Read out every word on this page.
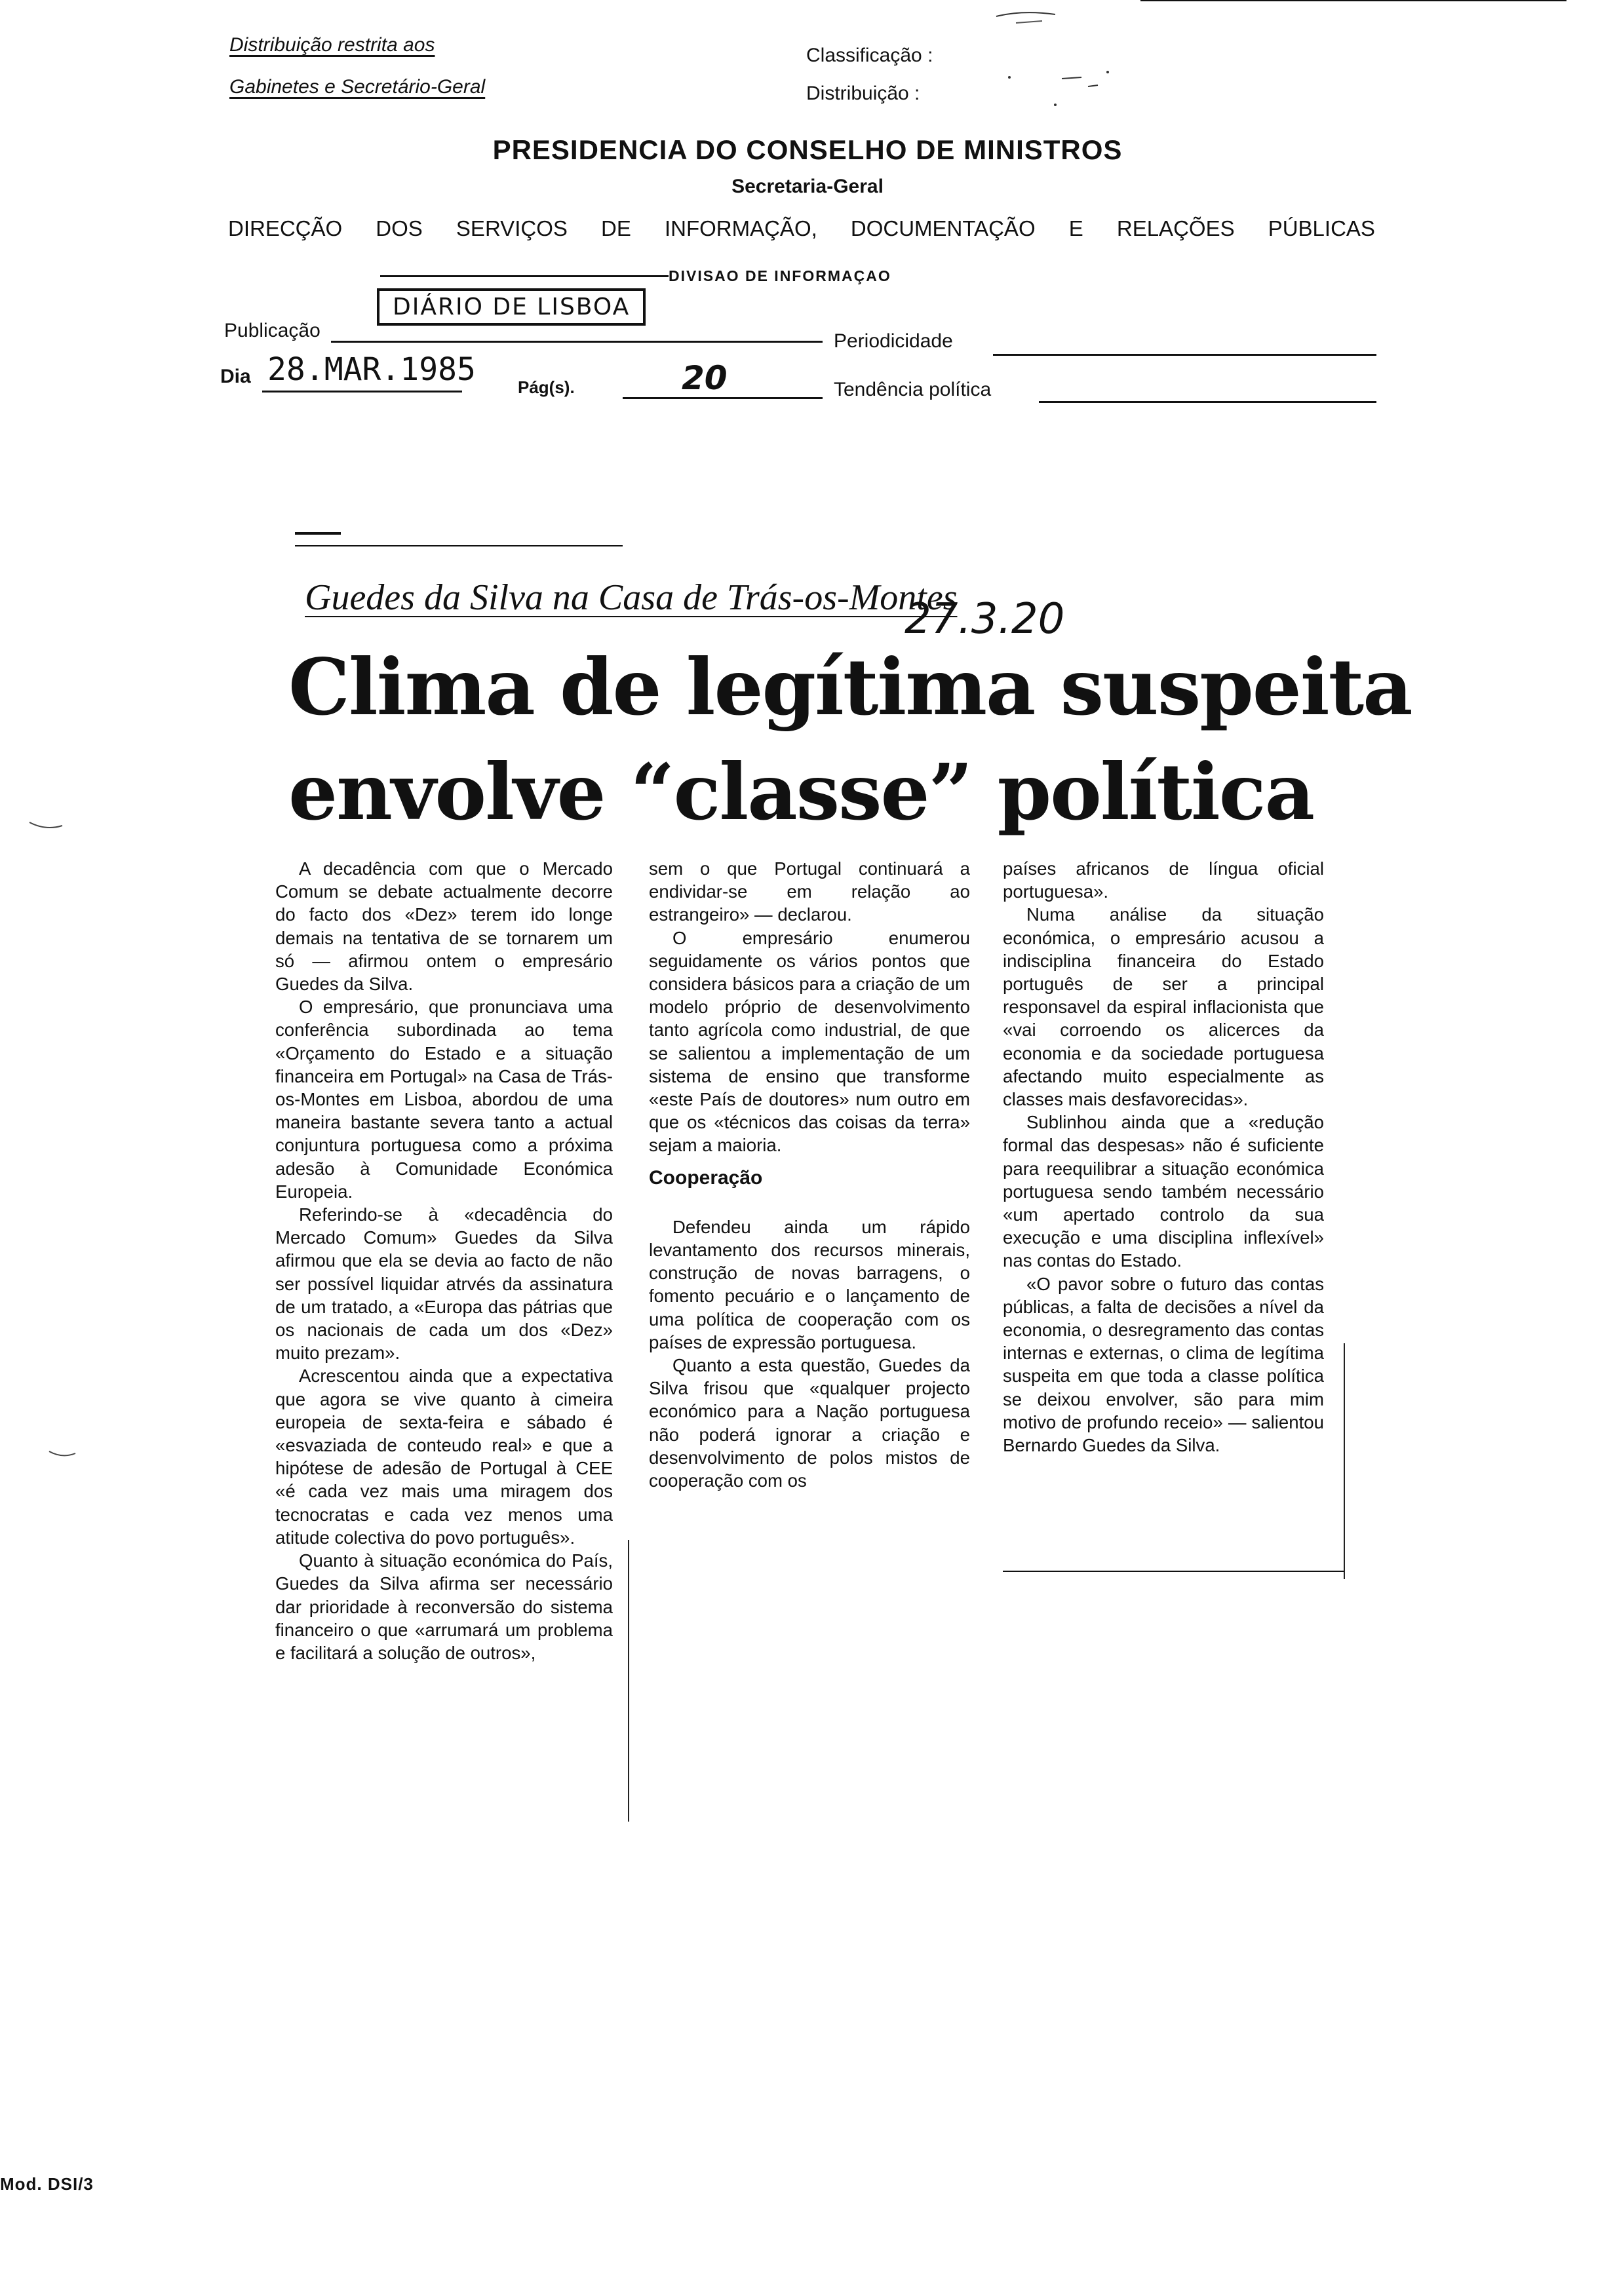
Distribuição restrita aos
Gabinetes e Secretário-Geral
Classificação :
Distribuição :
PRESIDENCIA DO CONSELHO DE MINISTROS
Secretaria-Geral
DIRECÇÃO DOS SERVIÇOS DE INFORMAÇÃO, DOCUMENTAÇÃO E RELAÇÕES PÚBLICAS
DIVISAO DE INFORMAÇAO
Publicação
DIÁRIO DE LISBOA
Periodicidade
Dia 28.MAR.1985 Pág(s).	20	Tendência política
Guedes da Silva na Casa de Trás-os-Montes
27.3.20
Clima de legítima suspeita
envolve “classe” política

A decadência com que o Mercado Comum se debate actualmente decorre do facto dos «Dez» terem ido longe demais na tentativa de se tornarem um só — afirmou ontem o empresário Guedes da Silva.

O empresário, que pronunciava uma conferência subordinada ao tema «Orçamento do Estado e a situação financeira em Portugal» na Casa de Trás-os-Montes em Lisboa, abordou de uma maneira bastante severa tanto a actual conjuntura portuguesa como a próxima adesão à Comunidade Económica Europeia.

Referindo-se à «decadência do Mercado Comum» Guedes da Silva afirmou que ela se devia ao facto de não ser possível liquidar atrvés da assinatura de um tratado, a «Europa das pátrias que os nacionais de cada um dos «Dez» muito prezam».

Acrescentou ainda que a expectativa que agora se vive quanto à cimeira europeia de sexta-feira e sábado é «esvaziada de conteudo real» e que a hipótese de adesão de Portugal à CEE «é cada vez mais uma miragem dos tecnocratas e cada vez menos uma atitude colectiva do povo português».

Quanto à situação económica do País, Guedes da Silva afirma ser necessário dar prioridade à reconversão do sistema financeiro o que «arrumará um problema e facilitará a solução de outros»,

sem o que Portugal continuará a endividar-se em relação ao estrangeiro» — declarou.

O empresário enumerou seguidamente os vários pontos que considera básicos para a criação de um modelo próprio de desenvolvimento tanto agrícola como industrial, de que se salientou a implementação de um sistema de ensino que transforme «este País de doutores» num outro em que os «técnicos das coisas da terra» sejam a maioria.

Cooperação

Defendeu ainda um rápido levantamento dos recursos minerais, construção de novas barragens, o fomento pecuário e o lançamento de uma política de cooperação com os países de expressão portuguesa.

Quanto a esta questão, Guedes da Silva frisou que «qualquer projecto económico para a Nação portuguesa não poderá ignorar a criação e desenvolvimento de polos mistos de cooperação com os

países africanos de língua oficial portuguesa».

Numa análise da situação económica, o empresário acusou a indisciplina financeira do Estado português de ser a principal responsavel da espiral inflacionista que «vai corroendo os alicerces da economia e da sociedade portuguesa afectando muito especialmente as classes mais desfavorecidas».

Sublinhou ainda que a «redução formal das despesas» não é suficiente para reequilibrar a situação económica portuguesa sendo também necessário «um apertado controlo da sua execução e uma disciplina inflexível» nas contas do Estado.

«O pavor sobre o futuro das contas públicas, a falta de decisões a nível da economia, o desregramento das contas internas e externas, o clima de legítima suspeita em que toda a classe política se deixou envolver, são para mim motivo de profundo receio» — salientou Bernardo Guedes da Silva.

Mod. DSI/3
